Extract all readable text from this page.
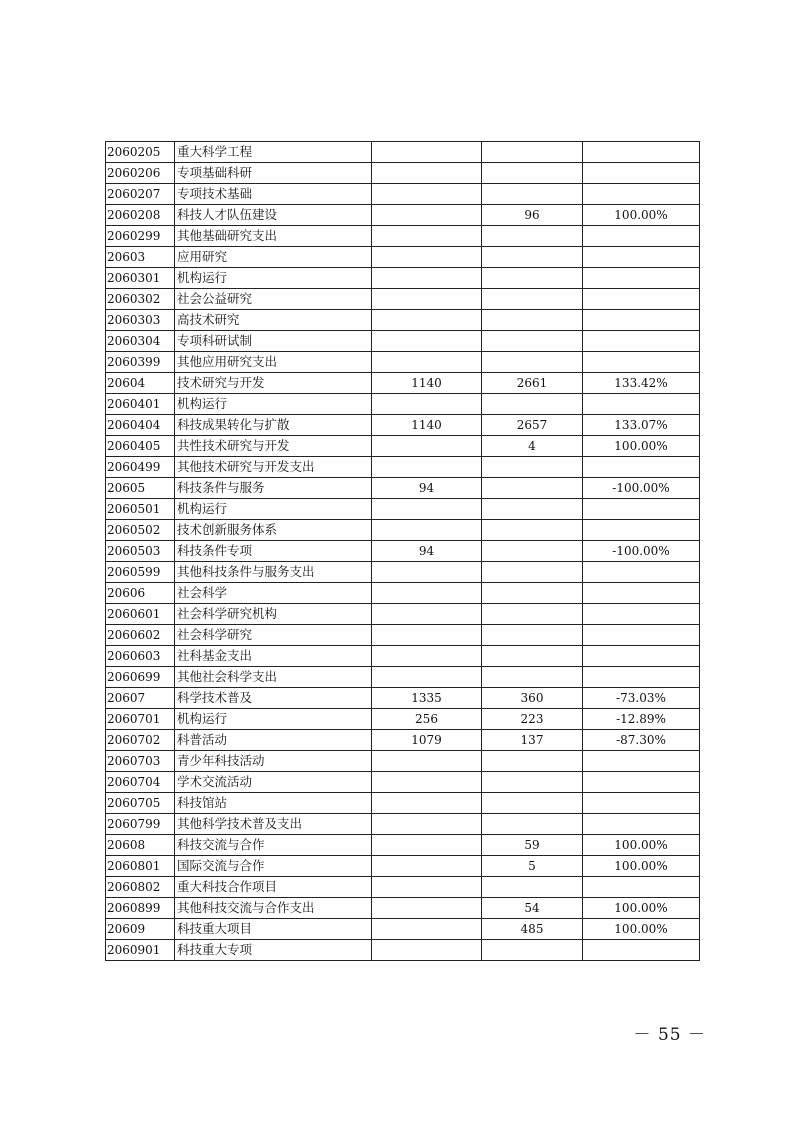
2060205	重大科学工程			
2060206	专项基础科研			
2060207	专项技术基础			
2060208	科技人才队伍建设		96	100.00%
2060299	其他基础研究支出			
20603	应用研究			
2060301	机构运行			
2060302	社会公益研究			
2060303	高技术研究			
2060304	专项科研试制			
2060399	其他应用研究支出			
20604	技术研究与开发	1140	2661	133.42%
2060401	机构运行			
2060404	科技成果转化与扩散	1140	2657	133.07%
2060405	共性技术研究与开发		4	100.00%
2060499	其他技术研究与开发支出			
20605	科技条件与服务	94		-100.00%
2060501	机构运行			
2060502	技术创新服务体系			
2060503	科技条件专项	94		-100.00%
2060599	其他科技条件与服务支出			
20606	社会科学			
2060601	社会科学研究机构			
2060602	社会科学研究			
2060603	社科基金支出			
2060699	其他社会科学支出			
20607	科学技术普及	1335	360	-73.03%
2060701	机构运行	256	223	-12.89%
2060702	科普活动	1079	137	-87.30%
2060703	青少年科技活动			
2060704	学术交流活动			
2060705	科技馆站			
2060799	其他科学技术普及支出			
20608	科技交流与合作		59	100.00%
2060801	国际交流与合作		5	100.00%
2060802	重大科技合作项目			
2060899	其他科技交流与合作支出		54	100.00%
20609	科技重大项目		485	100.00%
2060901	科技重大专项			
－ 55 －
